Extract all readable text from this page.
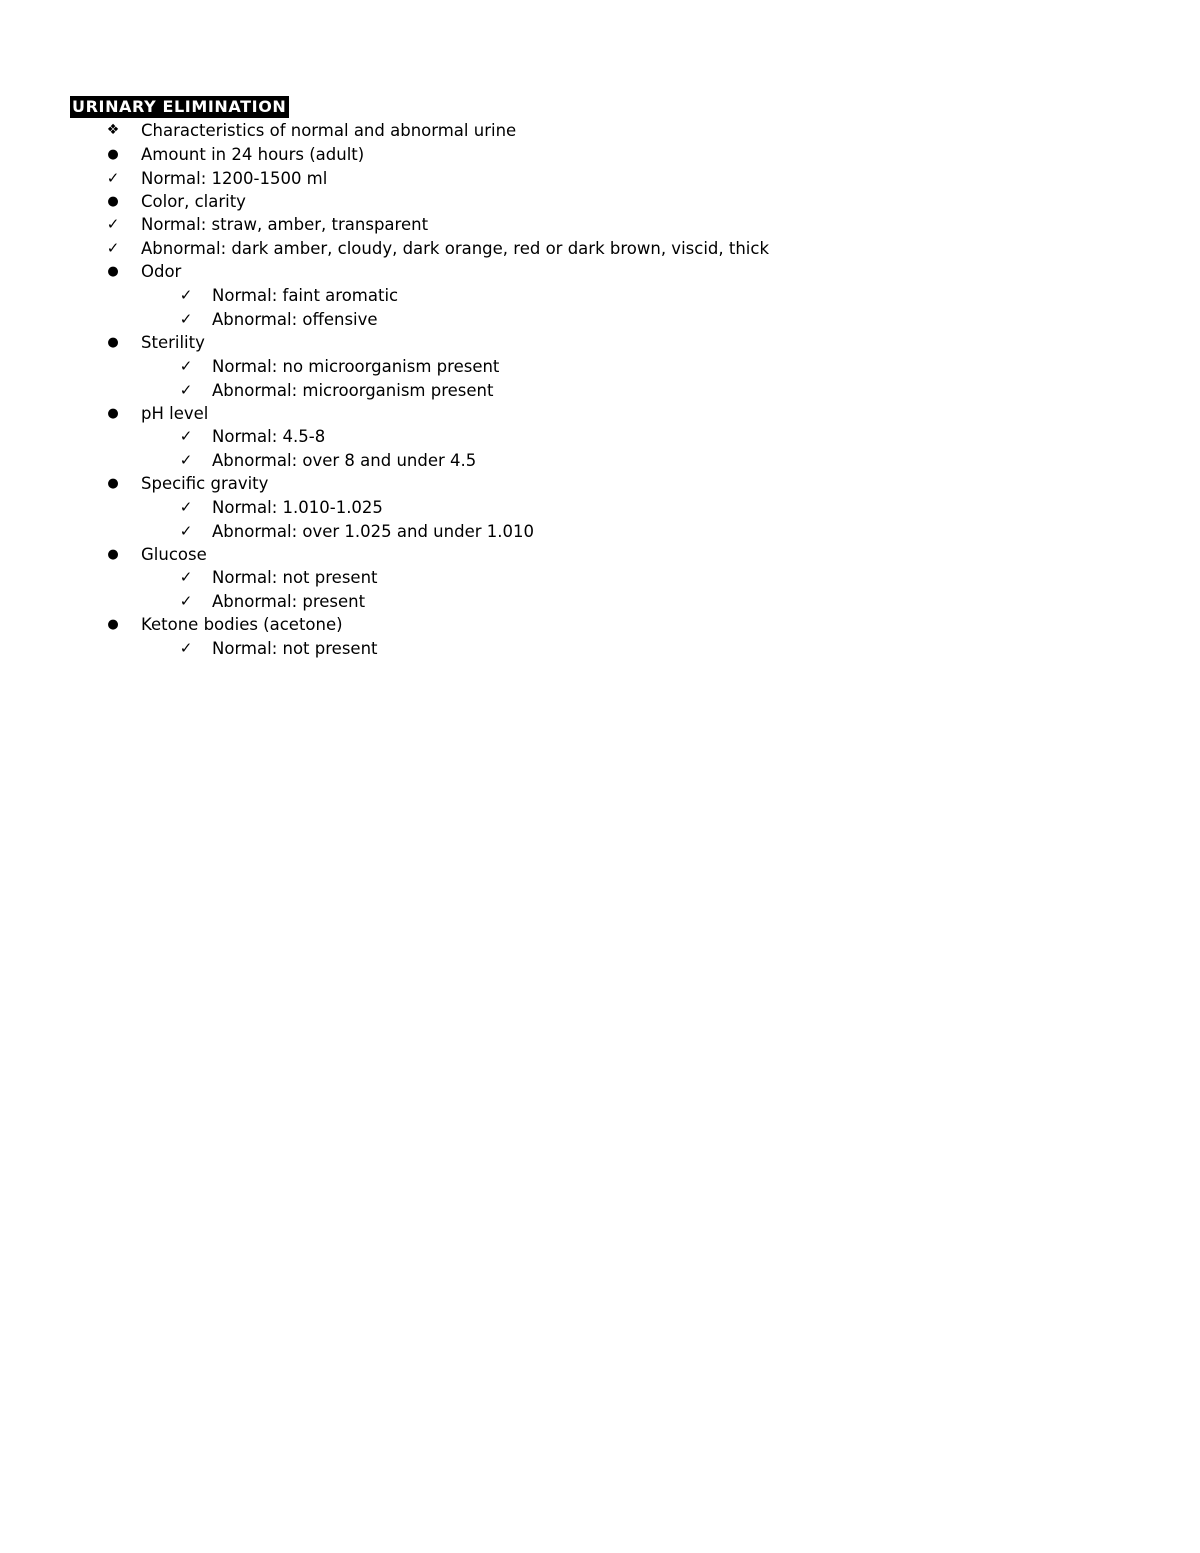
URINARY ELIMINATION
❖ Characteristics of normal and abnormal urine
● Amount in 24 hours (adult)
✓ Normal: 1200-1500 ml
● Color, clarity
✓ Normal: straw, amber, transparent
✓ Abnormal: dark amber, cloudy, dark orange, red or dark brown, viscid, thick
● Odor
✓ Normal: faint aromatic
✓ Abnormal: offensive
● Sterility
✓ Normal: no microorganism present
✓ Abnormal: microorganism present
● pH level
✓ Normal: 4.5-8
✓ Abnormal: over 8 and under 4.5
● Specific gravity
✓ Normal: 1.010-1.025
✓ Abnormal: over 1.025 and under 1.010
● Glucose
✓ Normal: not present
✓ Abnormal: present
● Ketone bodies (acetone)
✓ Normal: not present
